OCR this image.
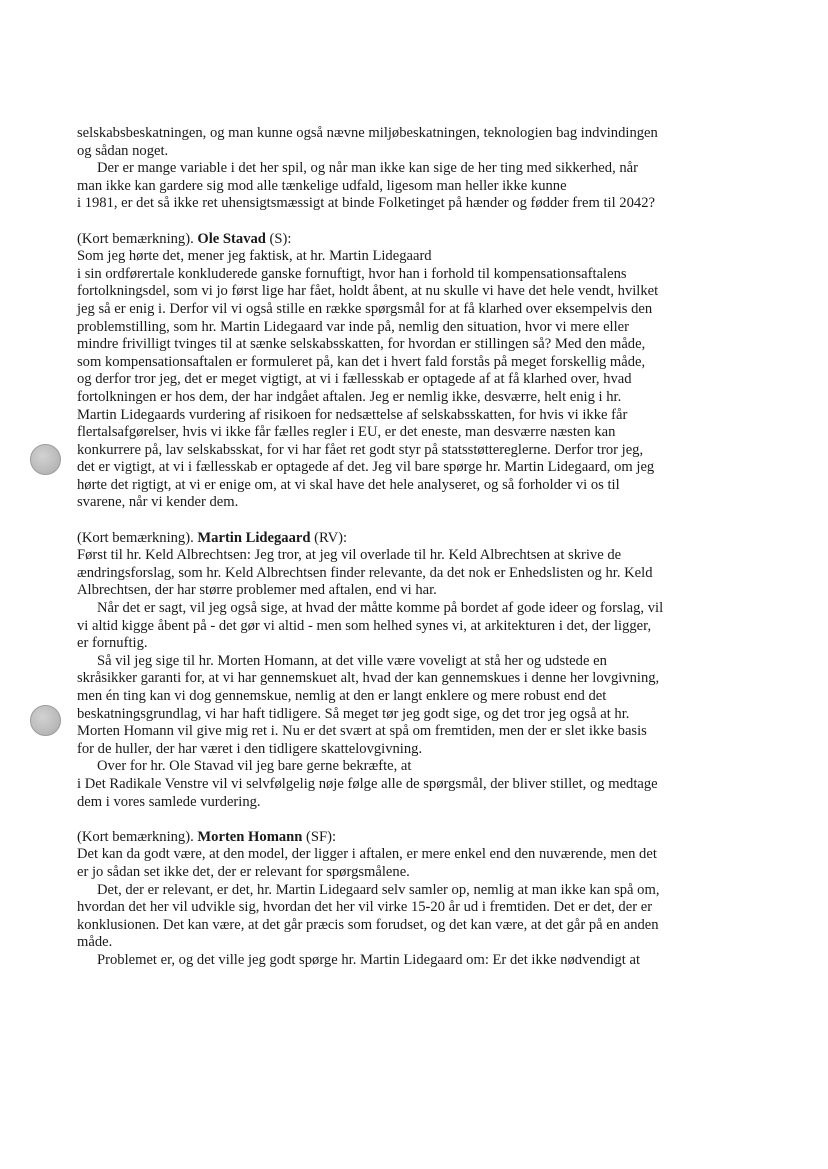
selskabsbeskatningen, og man kunne også nævne miljøbeskatningen, teknologien bag indvindingen
og sådan noget.
Der er mange variable i det her spil, og når man ikke kan sige de her ting med sikkerhed, når
man ikke kan gardere sig mod alle tænkelige udfald, ligesom man heller ikke kunne
i 1981, er det så ikke ret uhensigtsmæssigt at binde Folketinget på hænder og fødder frem til 2042?
(Kort bemærkning). Ole Stavad (S):
Som jeg hørte det, mener jeg faktisk, at hr. Martin Lidegaard
i sin ordførertale konkluderede ganske fornuftigt, hvor han i forhold til kompensationsaftalens
fortolkningsdel, som vi jo først lige har fået, holdt åbent, at nu skulle vi have det hele vendt, hvilket
jeg så er enig i. Derfor vil vi også stille en række spørgsmål for at få klarhed over eksempelvis den
problemstilling, som hr. Martin Lidegaard var inde på, nemlig den situation, hvor vi mere eller
mindre frivilligt tvinges til at sænke selskabsskatten, for hvordan er stillingen så? Med den måde,
som kompensationsaftalen er formuleret på, kan det i hvert fald forstås på meget forskellig måde,
og derfor tror jeg, det er meget vigtigt, at vi i fællesskab er optagede af at få klarhed over, hvad
fortolkningen er hos dem, der har indgået aftalen. Jeg er nemlig ikke, desværre, helt enig i hr.
Martin Lidegaards vurdering af risikoen for nedsættelse af selskabsskatten, for hvis vi ikke får
flertalsafgørelser, hvis vi ikke får fælles regler i EU, er det eneste, man desværre næsten kan
konkurrere på, lav selskabsskat, for vi har fået ret godt styr på statsstøttereglerne. Derfor tror jeg,
det er vigtigt, at vi i fællesskab er optagede af det. Jeg vil bare spørge hr. Martin Lidegaard, om jeg
hørte det rigtigt, at vi er enige om, at vi skal have det hele analyseret, og så forholder vi os til
svarene, når vi kender dem.
(Kort bemærkning). Martin Lidegaard (RV):
Først til hr. Keld Albrechtsen: Jeg tror, at jeg vil overlade til hr. Keld Albrechtsen at skrive de
ændringsforslag, som hr. Keld Albrechtsen finder relevante, da det nok er Enhedslisten og hr. Keld
Albrechtsen, der har større problemer med aftalen, end vi har.
Når det er sagt, vil jeg også sige, at hvad der måtte komme på bordet af gode ideer og forslag, vil
vi altid kigge åbent på - det gør vi altid - men som helhed synes vi, at arkitekturen i det, der ligger,
er fornuftig.
Så vil jeg sige til hr. Morten Homann, at det ville være voveligt at stå her og udstede en
skråsikker garanti for, at vi har gennemskuet alt, hvad der kan gennemskues i denne her lovgivning,
men én ting kan vi dog gennemskue, nemlig at den er langt enklere og mere robust end det
beskatningsgrundlag, vi har haft tidligere. Så meget tør jeg godt sige, og det tror jeg også at hr.
Morten Homann vil give mig ret i. Nu er det svært at spå om fremtiden, men der er slet ikke basis
for de huller, der har været i den tidligere skattelovgivning.
Over for hr. Ole Stavad vil jeg bare gerne bekræfte, at
i Det Radikale Venstre vil vi selvfølgelig nøje følge alle de spørgsmål, der bliver stillet, og medtage
dem i vores samlede vurdering.
(Kort bemærkning). Morten Homann (SF):
Det kan da godt være, at den model, der ligger i aftalen, er mere enkel end den nuværende, men det
er jo sådan set ikke det, der er relevant for spørgsmålene.
Det, der er relevant, er det, hr. Martin Lidegaard selv samler op, nemlig at man ikke kan spå om,
hvordan det her vil udvikle sig, hvordan det her vil virke 15-20 år ud i fremtiden. Det er det, der er
konklusionen. Det kan være, at det går præcis som forudset, og det kan være, at det går på en anden
måde.
Problemet er, og det ville jeg godt spørge hr. Martin Lidegaard om: Er det ikke nødvendigt at
